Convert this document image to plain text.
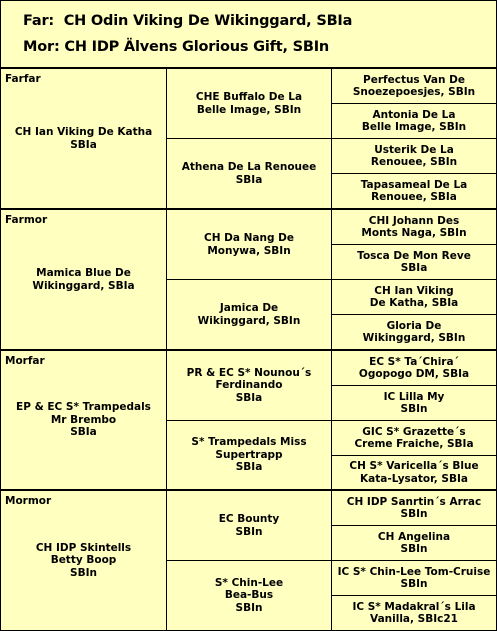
Far: CH Odin Viking De Wikinggard, SBIa
Mor: CH IDP Älvens Glorious Gift, SBIn
Farfar
CH Ian Viking De Katha
SBIa
Farmor
Mamica Blue De
Wikinggard, SBIa
Morfar
EP & EC S* Trampedals
Mr Brembo
SBIa
Mormor
CH IDP Skintells
Betty Boop
SBIn
CHE Buffalo De La
Belle Image, SBIn
Athena De La Renouee
SBIa
CH Da Nang De
Monywa, SBIn
Jamica De
Wikinggard, SBIn
PR & EC S* Nounou´s
Ferdinando
SBIa
S* Trampedals Miss
Supertrapp
SBIa
EC Bounty
SBIn
S* Chin-Lee
Bea-Bus
SBIn
Perfectus Van De
Snoezepoesjes, SBIn
Antonia De La
Belle Image, SBIn
Usterik De La
Renouee, SBIn
Tapasameal De La
Renouee, SBIa
CHI Johann Des
Monts Naga, SBIn
Tosca De Mon Reve
SBIa
CH Ian Viking
De Katha, SBIa
Gloria De
Wikinggard, SBIn
EC S* Ta´Chira´
Ogopogo DM, SBIa
IC Lilla My
SBIn
GIC S* Grazette´s
Creme Fraiche, SBIa
CH S* Varicella´s Blue
Kata-Lysator, SBIa
CH IDP Sanrtin´s Arrac
SBIn
CH Angelina
SBIn
IC S* Chin-Lee Tom-Cruise
SBIn
IC S* Madakral´s Lila
Vanilla, SBIc21
